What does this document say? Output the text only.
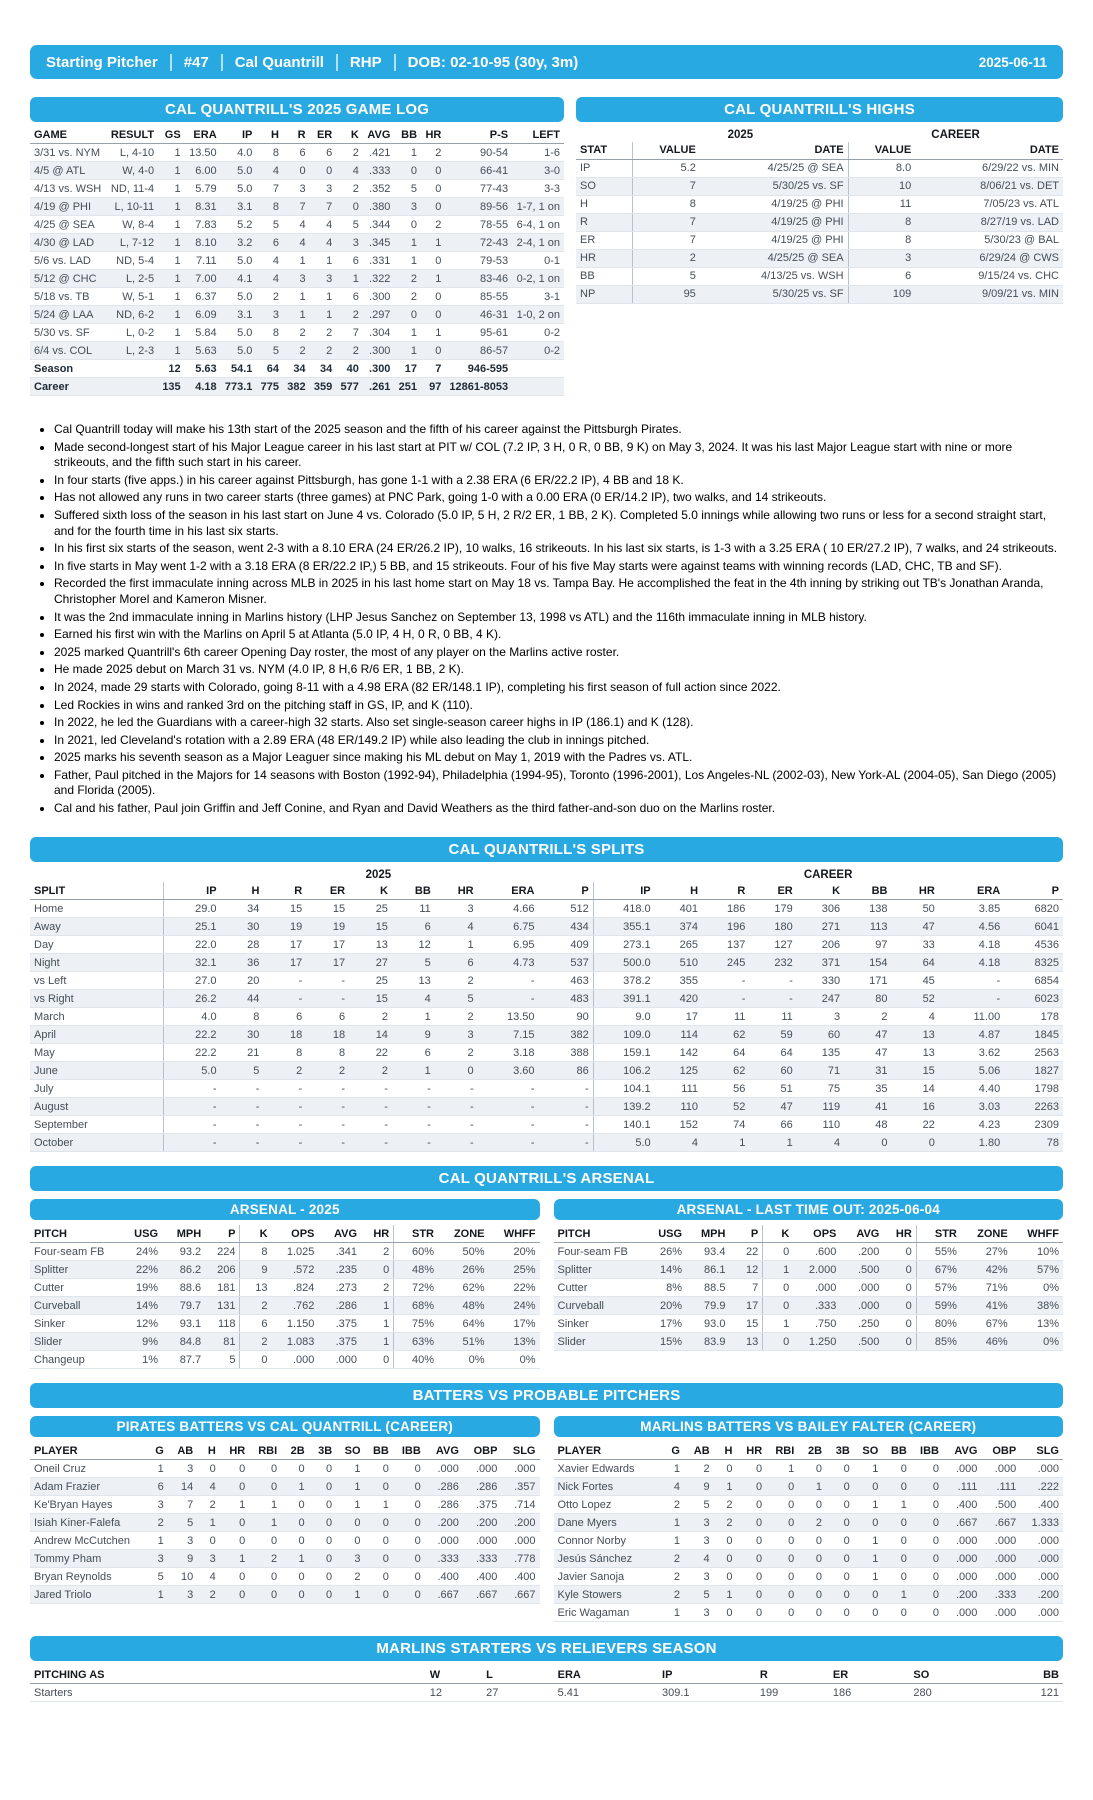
Starting Pitcher #47 Cal Quantrill RHP DOB: 02-10-95 (30y, 3m)	2025-06-11
CAL QUANTRILL'S 2025 GAME LOG
GAME	RESULT	GS	ERA	IP	H	R	ER	K	AVG	BB	HR	P-S	LEFT
3/31 vs. NYM	L, 4-10	1	13.50	4.0	8	6	6	2	.421	1	2	90-54	1-6
4/5 @ ATL	W, 4-0	1	6.00	5.0	4	0	0	4	.333	0	0	66-41	3-0
4/13 vs. WSH	ND, 11-4	1	5.79	5.0	7	3	3	2	.352	5	0	77-43	3-3
4/19 @ PHI	L, 10-11	1	8.31	3.1	8	7	7	0	.380	3	0	89-56	1-7, 1 on
4/25 @ SEA	W, 8-4	1	7.83	5.2	5	4	4	5	.344	0	2	78-55	6-4, 1 on
4/30 @ LAD	L, 7-12	1	8.10	3.2	6	4	4	3	.345	1	1	72-43	2-4, 1 on
5/6 vs. LAD	ND, 5-4	1	7.11	5.0	4	1	1	6	.331	1	0	79-53	0-1
5/12 @ CHC	L, 2-5	1	7.00	4.1	4	3	3	1	.322	2	1	83-46	0-2, 1 on
5/18 vs. TB	W, 5-1	1	6.37	5.0	2	1	1	6	.300	2	0	85-55	3-1
5/24 @ LAA	ND, 6-2	1	6.09	3.1	3	1	1	2	.297	0	0	46-31	1-0, 2 on
5/30 vs. SF	L, 0-2	1	5.84	5.0	8	2	2	7	.304	1	1	95-61	0-2
6/4 vs. COL	L, 2-3	1	5.63	5.0	5	2	2	2	.300	1	0	86-57	0-2
Season		12	5.63	54.1	64	34	34	40	.300	17	7	946-595	
Career		135	4.18	773.1	775	382	359	577	.261	251	97	12861-8053	
CAL QUANTRILL'S HIGHS
	2025		CAREER	
STAT	VALUE	DATE	VALUE	DATE
IP	5.2	4/25/25 @ SEA	8.0	6/29/22 vs. MIN
SO	7	5/30/25 vs. SF	10	8/06/21 vs. DET
H	8	4/19/25 @ PHI	11	7/05/23 vs. ATL
R	7	4/19/25 @ PHI	8	8/27/19 vs. LAD
ER	7	4/19/25 @ PHI	8	5/30/23 @ BAL
HR	2	4/25/25 @ SEA	3	6/29/24 @ CWS
BB	5	4/13/25 vs. WSH	6	9/15/24 vs. CHC
NP	95	5/30/25 vs. SF	109	9/09/21 vs. MIN
• Cal Quantrill today will make his 13th start of the 2025 season and the fifth of his career against the Pittsburgh Pirates.
• Made second-longest start of his Major League career in his last start at PIT w/ COL (7.2 IP, 3 H, 0 R, 0 BB, 9 K) on May 3, 2024. It was his last Major League start with nine or more strikeouts, and the fifth such start in his career.
• In four starts (five apps.) in his career against Pittsburgh, has gone 1-1 with a 2.38 ERA (6 ER/22.2 IP), 4 BB and 18 K.
• Has not allowed any runs in two career starts (three games) at PNC Park, going 1-0 with a 0.00 ERA (0 ER/14.2 IP), two walks, and 14 strikeouts.
• Suffered sixth loss of the season in his last start on June 4 vs. Colorado (5.0 IP, 5 H, 2 R/2 ER, 1 BB, 2 K). Completed 5.0 innings while allowing two runs or less for a second straight start, and for the fourth time in his last six starts.
• In his first six starts of the season, went 2-3 with a 8.10 ERA (24 ER/26.2 IP), 10 walks, 16 strikeouts. In his last six starts, is 1-3 with a 3.25 ERA ( 10 ER/27.2 IP), 7 walks, and 24 strikeouts.
• In five starts in May went 1-2 with a 3.18 ERA (8 ER/22.2 IP,) 5 BB, and 15 strikeouts. Four of his five May starts were against teams with winning records (LAD, CHC, TB and SF).
• Recorded the first immaculate inning across MLB in 2025 in his last home start on May 18 vs. Tampa Bay. He accomplished the feat in the 4th inning by striking out TB's Jonathan Aranda, Christopher Morel and Kameron Misner.
• It was the 2nd immaculate inning in Marlins history (LHP Jesus Sanchez on September 13, 1998 vs ATL) and the 116th immaculate inning in MLB history.
• Earned his first win with the Marlins on April 5 at Atlanta (5.0 IP, 4 H, 0 R, 0 BB, 4 K).
• 2025 marked Quantrill's 6th career Opening Day roster, the most of any player on the Marlins active roster.
• He made 2025 debut on March 31 vs. NYM (4.0 IP, 8 H,6 R/6 ER, 1 BB, 2 K).
• In 2024, made 29 starts with Colorado, going 8-11 with a 4.98 ERA (82 ER/148.1 IP), completing his first season of full action since 2022.
• Led Rockies in wins and ranked 3rd on the pitching staff in GS, IP, and K (110).
• In 2022, he led the Guardians with a career-high 32 starts. Also set single-season career highs in IP (186.1) and K (128).
• In 2021, led Cleveland's rotation with a 2.89 ERA (48 ER/149.2 IP) while also leading the club in innings pitched.
• 2025 marks his seventh season as a Major Leaguer since making his ML debut on May 1, 2019 with the Padres vs. ATL.
• Father, Paul pitched in the Majors for 14 seasons with Boston (1992-94), Philadelphia (1994-95), Toronto (1996-2001), Los Angeles-NL (2002-03), New York-AL (2004-05), San Diego (2005) and Florida (2005).
• Cal and his father, Paul join Griffin and Jeff Conine, and Ryan and David Weathers as the third father-and-son duo on the Marlins roster.
CAL QUANTRILL'S SPLITS
	2025									CAREER								
SPLIT	IP	H	R	ER	K	BB	HR	ERA	P	IP	H	R	ER	K	BB	HR	ERA	P
Home	29.0	34	15	15	25	11	3	4.66	512	418.0	401	186	179	306	138	50	3.85	6820
Away	25.1	30	19	19	15	6	4	6.75	434	355.1	374	196	180	271	113	47	4.56	6041
Day	22.0	28	17	17	13	12	1	6.95	409	273.1	265	137	127	206	97	33	4.18	4536
Night	32.1	36	17	17	27	5	6	4.73	537	500.0	510	245	232	371	154	64	4.18	8325
vs Left	27.0	20	-	-	25	13	2	-	463	378.2	355	-	-	330	171	45	-	6854
vs Right	26.2	44	-	-	15	4	5	-	483	391.1	420	-	-	247	80	52	-	6023
March	4.0	8	6	6	2	1	2	13.50	90	9.0	17	11	11	3	2	4	11.00	178
April	22.2	30	18	18	14	9	3	7.15	382	109.0	114	62	59	60	47	13	4.87	1845
May	22.2	21	8	8	22	6	2	3.18	388	159.1	142	64	64	135	47	13	3.62	2563
June	5.0	5	2	2	2	1	0	3.60	86	106.2	125	62	60	71	31	15	5.06	1827
July	-	-	-	-	-	-	-	-	-	104.1	111	56	51	75	35	14	4.40	1798
August	-	-	-	-	-	-	-	-	-	139.2	110	52	47	119	41	16	3.03	2263
September	-	-	-	-	-	-	-	-	-	140.1	152	74	66	110	48	22	4.23	2309
October	-	-	-	-	-	-	-	-	-	5.0	4	1	1	4	0	0	1.80	78
CAL QUANTRILL'S ARSENAL
ARSENAL - 2025
PITCH	USG	MPH	P	K	OPS	AVG	HR	STR	ZONE	WHFF
Four-seam FB	24%	93.2	224	8	1.025	.341	2	60%	50%	20%
Splitter	22%	86.2	206	9	.572	.235	0	48%	26%	25%
Cutter	19%	88.6	181	13	.824	.273	2	72%	62%	22%
Curveball	14%	79.7	131	2	.762	.286	1	68%	48%	24%
Sinker	12%	93.1	118	6	1.150	.375	1	75%	64%	17%
Slider	9%	84.8	81	2	1.083	.375	1	63%	51%	13%
Changeup	1%	87.7	5	0	.000	.000	0	40%	0%	0%
ARSENAL - LAST TIME OUT: 2025-06-04
PITCH	USG	MPH	P	K	OPS	AVG	HR	STR	ZONE	WHFF
Four-seam FB	26%	93.4	22	0	.600	.200	0	55%	27%	10%
Splitter	14%	86.1	12	1	2.000	.500	0	67%	42%	57%
Cutter	8%	88.5	7	0	.000	.000	0	57%	71%	0%
Curveball	20%	79.9	17	0	.333	.000	0	59%	41%	38%
Sinker	17%	93.0	15	1	.750	.250	0	80%	67%	13%
Slider	15%	83.9	13	0	1.250	.500	0	85%	46%	0%
BATTERS VS PROBABLE PITCHERS
PIRATES BATTERS VS CAL QUANTRILL (CAREER)
PLAYER	G	AB	H	HR	RBI	2B	3B	SO	BB	IBB	AVG	OBP	SLG
Oneil Cruz	1	3	0	0	0	0	0	1	0	0	.000	.000	.000
Adam Frazier	6	14	4	0	0	1	0	1	0	0	.286	.286	.357
Ke'Bryan Hayes	3	7	2	1	1	0	0	1	1	0	.286	.375	.714
Isiah Kiner-Falefa	2	5	1	0	1	0	0	0	0	0	.200	.200	.200
Andrew McCutchen	1	3	0	0	0	0	0	0	0	0	.000	.000	.000
Tommy Pham	3	9	3	1	2	1	0	3	0	0	.333	.333	.778
Bryan Reynolds	5	10	4	0	0	0	0	2	0	0	.400	.400	.400
Jared Triolo	1	3	2	0	0	0	0	1	0	0	.667	.667	.667
MARLINS BATTERS VS BAILEY FALTER (CAREER)
PLAYER	G	AB	H	HR	RBI	2B	3B	SO	BB	IBB	AVG	OBP	SLG
Xavier Edwards	1	2	0	0	1	0	0	1	0	0	.000	.000	.000
Nick Fortes	4	9	1	0	0	1	0	0	0	0	.111	.111	.222
Otto Lopez	2	5	2	0	0	0	0	1	1	0	.400	.500	.400
Dane Myers	1	3	2	0	0	2	0	0	0	0	.667	.667	1.333
Connor Norby	1	3	0	0	0	0	0	1	0	0	.000	.000	.000
Jesús Sánchez	2	4	0	0	0	0	0	1	0	0	.000	.000	.000
Javier Sanoja	2	3	0	0	0	0	0	1	0	0	.000	.000	.000
Kyle Stowers	2	5	1	0	0	0	0	0	1	0	.200	.333	.200
Eric Wagaman	1	3	0	0	0	0	0	0	0	0	.000	.000	.000
MARLINS STARTERS VS RELIEVERS SEASON
PITCHING AS	W	L	ERA	IP	R	ER	SO	BB
Starters	12	27	5.41	309.1	199	186	280	121
